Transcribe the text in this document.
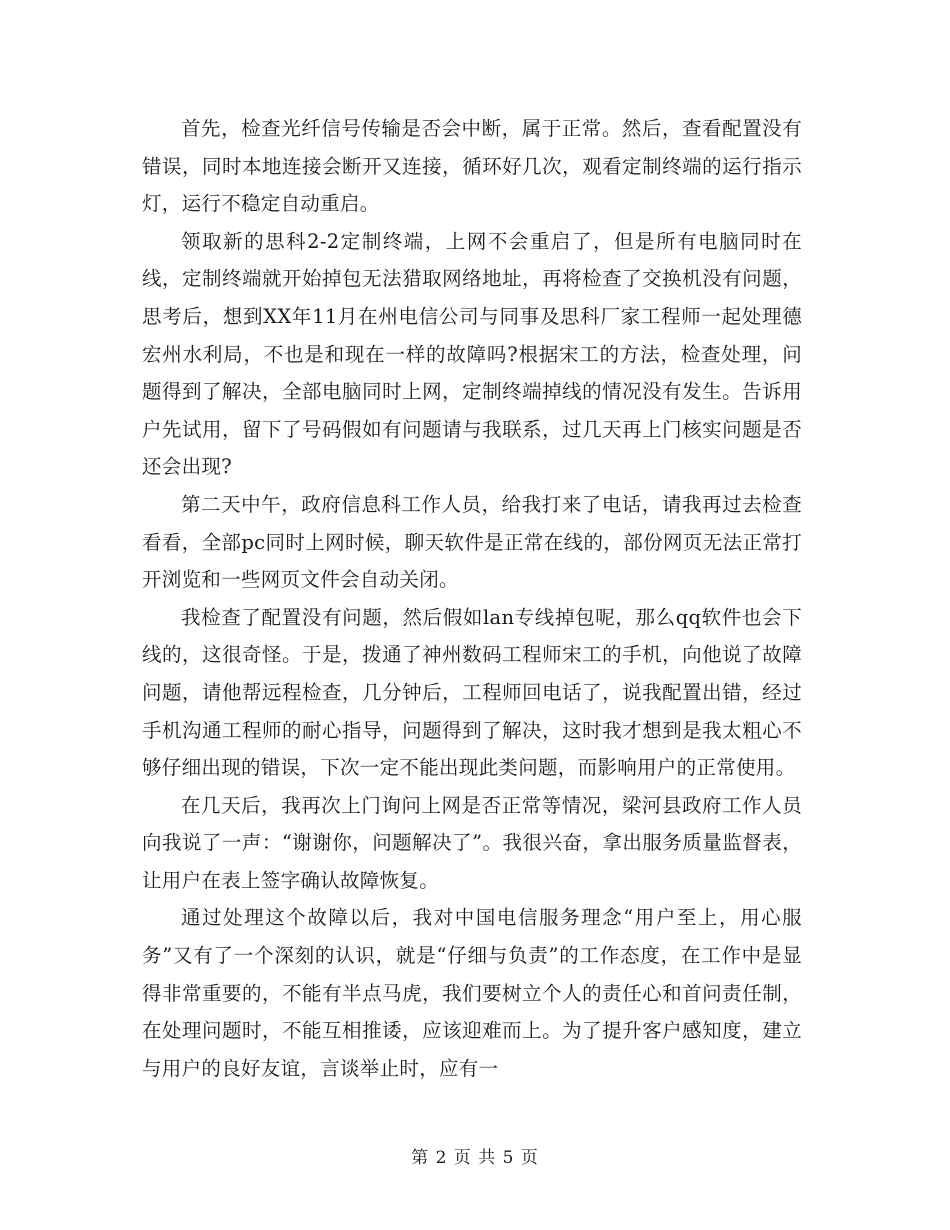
首先，检查光纤信号传输是否会中断，属于正常。然后，查看配置没有错误，同时本地连接会断开又连接，循环好几次，观看定制终端的运行指示灯，运行不稳定自动重启。

领取新的思科2-2定制终端，上网不会重启了，但是所有电脑同时在线，定制终端就开始掉包无法猎取网络地址，再将检查了交换机没有问题，思考后，想到XX年11月在州电信公司与同事及思科厂家工程师一起处理德宏州水利局，不也是和现在一样的故障吗?根据宋工的方法，检查处理，问题得到了解决，全部电脑同时上网，定制终端掉线的情况没有发生。告诉用户先试用，留下了号码假如有问题请与我联系，过几天再上门核实问题是否还会出现?

第二天中午，政府信息科工作人员，给我打来了电话，请我再过去检查看看，全部pc同时上网时候，聊天软件是正常在线的，部份网页无法正常打开浏览和一些网页文件会自动关闭。

我检查了配置没有问题，然后假如lan专线掉包呢，那么qq软件也会下线的，这很奇怪。于是，拨通了神州数码工程师宋工的手机，向他说了故障问题，请他帮远程检查，几分钟后，工程师回电话了，说我配置出错，经过手机沟通工程师的耐心指导，问题得到了解决，这时我才想到是我太粗心不够仔细出现的错误，下次一定不能出现此类问题，而影响用户的正常使用。

在几天后，我再次上门询问上网是否正常等情况，梁河县政府工作人员向我说了一声：“谢谢你，问题解决了”。我很兴奋，拿出服务质量监督表，让用户在表上签字确认故障恢复。

通过处理这个故障以后，我对中国电信服务理念“用户至上，用心服务”又有了一个深刻的认识，就是“仔细与负责”的工作态度，在工作中是显得非常重要的，不能有半点马虎，我们要树立个人的责任心和首问责任制，在处理问题时，不能互相推诿，应该迎难而上。为了提升客户感知度，建立与用户的良好友谊，言谈举止时，应有一

第 2 页 共 5 页
